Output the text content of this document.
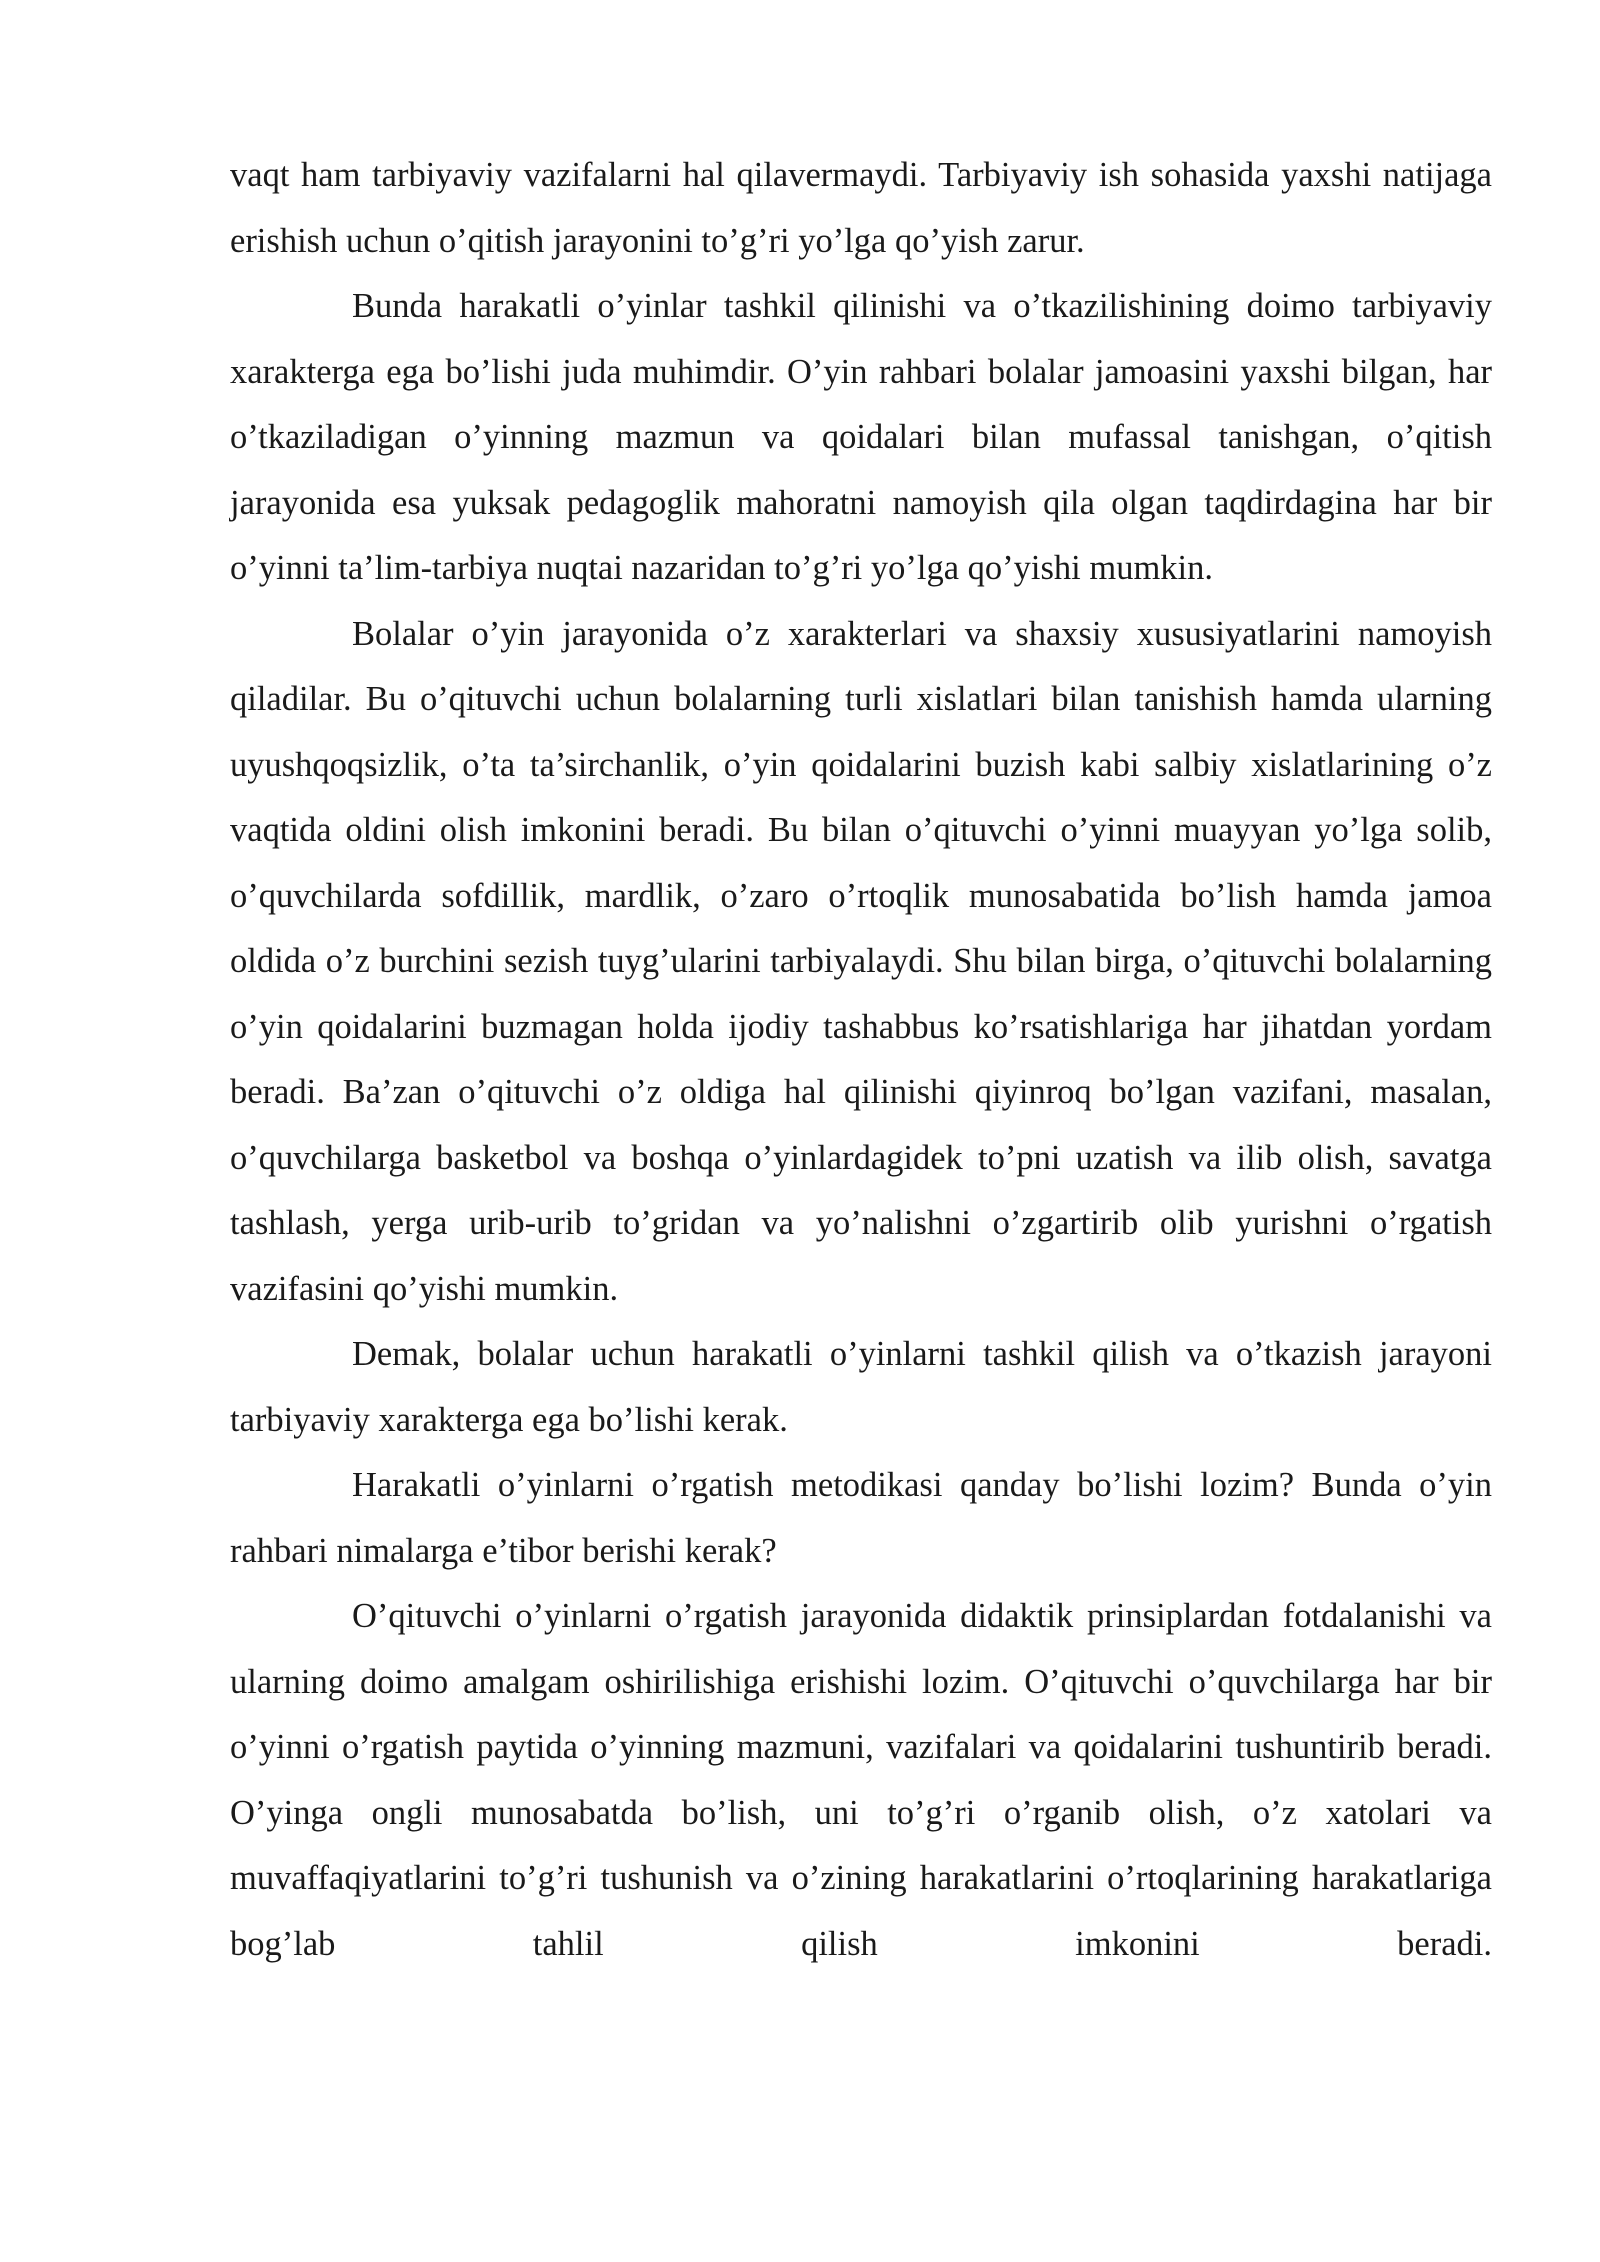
vaqt ham tarbiyaviy vazifalarni hal qilavermaydi. Tarbiyaviy ish sohasida yaxshi natijaga erishish uchun o’qitish jarayonini to’g’ri yo’lga qo’yish zarur.

Bunda harakatli o’yinlar tashkil qilinishi va o’tkazilishining doimo tarbiyaviy xarakterga ega bo’lishi juda muhimdir. O’yin rahbari bolalar jamoasini yaxshi bilgan, har o’tkaziladigan o’yinning mazmun va qoidalari bilan mufassal tanishgan, o’qitish jarayonida esa yuksak pedagoglik mahoratni namoyish qila olgan taqdirdagina har bir o’yinni ta’lim-tarbiya nuqtai nazaridan to’g’ri yo’lga qo’yishi mumkin.

Bolalar o’yin jarayonida o’z xarakterlari va shaxsiy xususiyatlarini namoyish qiladilar. Bu o’qituvchi uchun bolalarning turli xislatlari bilan tanishish hamda ularning uyushqoqsizlik, o’ta ta’sirchanlik, o’yin qoidalarini buzish kabi salbiy xislatlarining o’z vaqtida oldini olish imkonini beradi. Bu bilan o’qituvchi o’yinni muayyan yo’lga solib, o’quvchilarda sofdillik, mardlik, o’zaro o’rtoqlik munosabatida bo’lish hamda jamoa oldida o’z burchini sezish tuyg’ularini tarbiyalaydi. Shu bilan birga, o’qituvchi bolalarning o’yin qoidalarini buzmagan holda ijodiy tashabbus ko’rsatishlariga har jihatdan yordam beradi. Ba’zan o’qituvchi o’z oldiga hal qilinishi qiyinroq bo’lgan vazifani, masalan, o’quvchilarga basketbol va boshqa o’yinlardagidek to’pni uzatish va ilib olish, savatga tashlash, yerga urib-urib to’gridan va yo’nalishni o’zgartirib olib yurishni o’rgatish vazifasini qo’yishi mumkin.

Demak, bolalar uchun harakatli o’yinlarni tashkil qilish va o’tkazish jarayoni tarbiyaviy xarakterga ega bo’lishi kerak.

Harakatli o’yinlarni o’rgatish metodikasi qanday bo’lishi lozim? Bunda o’yin rahbari nimalarga e’tibor berishi kerak?

O’qituvchi o’yinlarni o’rgatish jarayonida didaktik prinsiplardan fotdalanishi va ularning doimo amalgam oshirilishiga erishishi lozim. O’qituvchi o’quvchilarga har bir o’yinni o’rgatish paytida o’yinning mazmuni, vazifalari va qoidalarini tushuntirib beradi. O’yinga ongli munosabatda bo’lish, uni to’g’ri o’rganib olish, o’z xatolari va muvaffaqiyatlarini to’g’ri tushunish va o’zining harakatlarini o’rtoqlarining harakatlariga bog’lab tahlil qilish imkonini beradi.
